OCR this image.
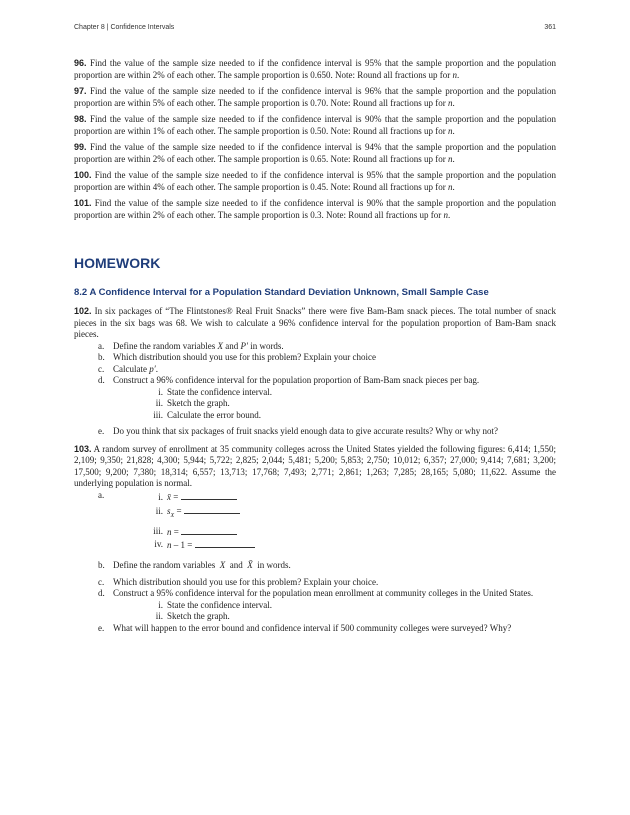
Chapter 8 | Confidence Intervals	361

96. Find the value of the sample size needed to if the confidence interval is 95% that the sample proportion and the population proportion are within 2% of each other. The sample proportion is 0.650. Note: Round all fractions up for n.

97. Find the value of the sample size needed to if the confidence interval is 96% that the sample proportion and the population proportion are within 5% of each other. The sample proportion is 0.70. Note: Round all fractions up for n.

98. Find the value of the sample size needed to if the confidence interval is 90% that the sample proportion and the population proportion are within 1% of each other. The sample proportion is 0.50. Note: Round all fractions up for n.

99. Find the value of the sample size needed to if the confidence interval is 94% that the sample proportion and the population proportion are within 2% of each other. The sample proportion is 0.65. Note: Round all fractions up for n.

100. Find the value of the sample size needed to if the confidence interval is 95% that the sample proportion and the population proportion are within 4% of each other. The sample proportion is 0.45. Note: Round all fractions up for n.

101. Find the value of the sample size needed to if the confidence interval is 90% that the sample proportion and the population proportion are within 2% of each other. The sample proportion is 0.3. Note: Round all fractions up for n.

HOMEWORK
8.2 A Confidence Interval for a Population Standard Deviation Unknown, Small Sample Case

102. In six packages of “The Flintstones® Real Fruit Snacks” there were five Bam-Bam snack pieces. The total number of snack pieces in the six bags was 68. We wish to calculate a 96% confidence interval for the population proportion of Bam-Bam snack pieces.

a. Define the random variables X and P′ in words.
b. Which distribution should you use for this problem? Explain your choice
c. Calculate p′.
d. Construct a 96% confidence interval for the population proportion of Bam-Bam snack pieces per bag.
i. State the confidence interval.
ii. Sketch the graph.
iii. Calculate the error bound.
e. Do you think that six packages of fruit snacks yield enough data to give accurate results? Why or why not?

103. A random survey of enrollment at 35 community colleges across the United States yielded the following figures: 6,414; 1,550; 2,109; 9,350; 21,828; 4,300; 5,944; 5,722; 2,825; 2,044; 5,481; 5,200; 5,853; 2,750; 10,012; 6,357; 27,000; 9,414; 7,681; 3,200; 17,500; 9,200; 7,380; 18,314; 6,557; 13,713; 17,768; 7,493; 2,771; 2,861; 1,263; 7,285; 28,165; 5,080; 11,622. Assume the underlying population is normal.

a.
	i. x̄ =
ii. $s_X$ =
iii. n =
iv. n – 1 =
b. Define the random variables X and X̄ in words.
c. Which distribution should you use for this problem? Explain your choice.
d. Construct a 95% confidence interval for the population mean enrollment at community colleges in the United States.
i. State the confidence interval.
ii. Sketch the graph.
e. What will happen to the error bound and confidence interval if 500 community colleges were surveyed? Why?
